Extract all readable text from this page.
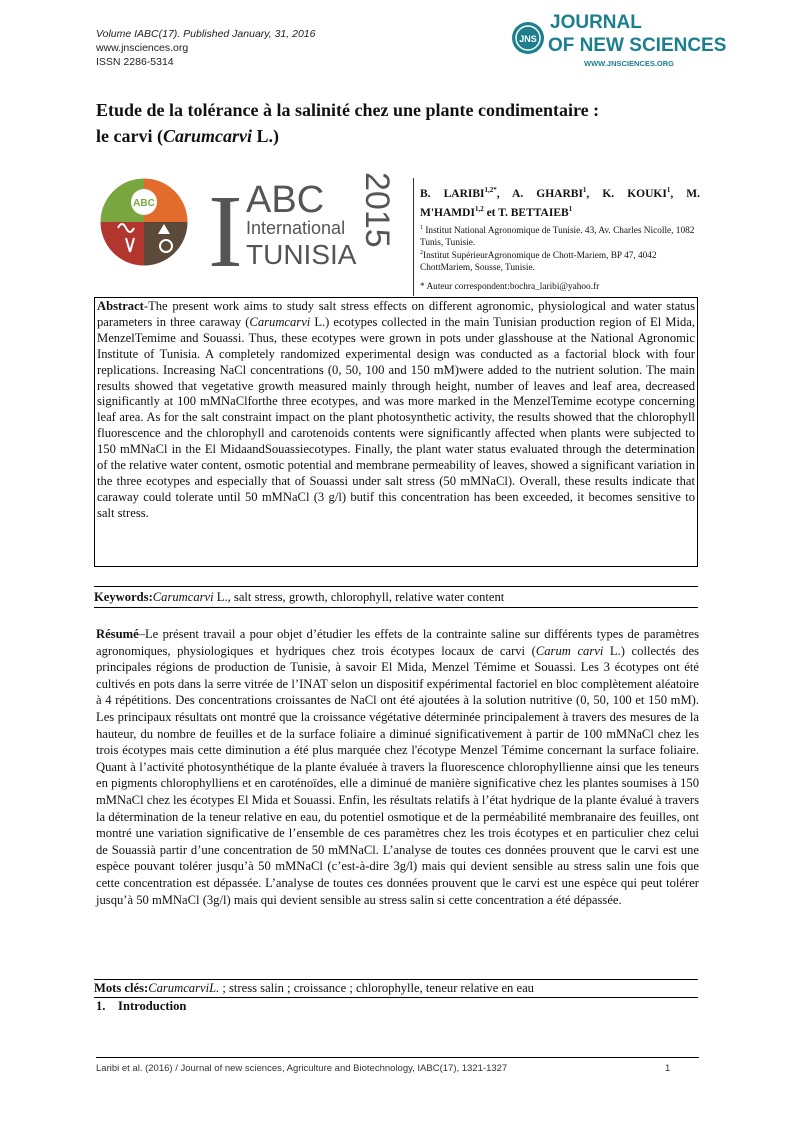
Volume IABC(17). Published January, 31, 2016
www.jnsciences.org
ISSN 2286-5314
JNS
JOURNAL
OF NEW SCIENCES
WWW.JNSCIENCES.ORG
Etude de la tolérance à la salinité chez une plante condimentaire :
le carvi (Carumcarvi L.)
ABC I ABC
International
TUNISIA
2015 B. $LARIBI^{1,2*}$, A. GHARBI$^1$, K. KOUKI$^1$, M. M'HAMDI$^{1,2}$ et T. BETTAIEB$^1$
$^1$ Institut National Agronomique de Tunisie. 43, Av. Charles Nicolle, 1082 Tunis, Tunisie.
$^2$Institut SupérieurAgronomique de Chott-Mariem, BP 47, 4042 ChottMariem, Sousse, Tunisie.
* Auteur correspondent:bochra_laribi@yahoo.fr

Abstract-The present work aims to study salt stress effects on different agronomic, physiological and water status parameters in three caraway (Carumcarvi L.) ecotypes collected in the main Tunisian production region of El Mida, MenzelTemime and Souassi. Thus, these ecotypes were grown in pots under glasshouse at the National Agronomic Institute of Tunisia. A completely randomized experimental design was conducted as a factorial block with four replications. Increasing NaCl concentrations (0, 50, 100 and 150 mM)were added to the nutrient solution. The main results showed that vegetative growth measured mainly through height, number of leaves and leaf area, decreased significantly at 100 mMNaClforthe three ecotypes, and was more marked in the MenzelTemime ecotype concerning leaf area. As for the salt constraint impact on the plant photosynthetic activity, the results showed that the chlorophyll fluorescence and the chlorophyll and carotenoids contents were significantly affected when plants were subjected to 150 mMNaCl in the El MidaandSouassiecotypes. Finally, the plant water status evaluated through the determination of the relative water content, osmotic potential and membrane permeability of leaves, showed a significant variation in the three ecotypes and especially that of Souassi under salt stress (50 mMNaCl). Overall, these results indicate that caraway could tolerate until 50 mMNaCl (3 g/l) butif this concentration has been exceeded, it becomes sensitive to salt stress.

Keywords:Carumcarvi L., salt stress, growth, chlorophyll, relative water content

Résumé–Le présent travail a pour objet d’étudier les effets de la contrainte saline sur différents types de paramètres agronomiques, physiologiques et hydriques chez trois écotypes locaux de carvi (Carum carvi L.) collectés des principales régions de production de Tunisie, à savoir El Mida, Menzel Témime et Souassi. Les 3 écotypes ont été cultivés en pots dans la serre vitrée de l’INAT selon un dispositif expérimental factoriel en bloc complètement aléatoire à 4 répétitions. Des concentrations croissantes de NaCl ont été ajoutées à la solution nutritive (0, 50, 100 et 150 mM). Les principaux résultats ont montré que la croissance végétative déterminée principalement à travers des mesures de la hauteur, du nombre de feuilles et de la surface foliaire a diminué significativement à partir de 100 mMNaCl chez les trois écotypes mais cette diminution a été plus marquée chez l'écotype Menzel Témime concernant la surface foliaire. Quant à l’activité photosynthétique de la plante évaluée à travers la fluorescence chlorophyllienne ainsi que les teneurs en pigments chlorophylliens et en caroténoïdes, elle a diminué de manière significative chez les plantes soumises à 150 mMNaCl chez les écotypes El Mida et Souassi. Enfin, les résultats relatifs à l’état hydrique de la plante évalué à travers la détermination de la teneur relative en eau, du potentiel osmotique et de la perméabilité membranaire des feuilles, ont montré une variation significative de l’ensemble de ces paramètres chez les trois écotypes et en particulier chez celui de Souassià partir d’une concentration de 50 mMNaCl. L’analyse de toutes ces données prouvent que le carvi est une espèce pouvant tolérer jusqu’à 50 mMNaCl (c’est-à-dire 3g/l) mais qui devient sensible au stress salin une fois que cette concentration est dépassée. L’analyse de toutes ces données prouvent que le carvi est une espèce qui peut tolérer jusqu’à 50 mMNaCl (3g/l) mais qui devient sensible au stress salin si cette concentration a été dépassée.

Mots clés:CarumcarviL. ; stress salin ; croissance ; chlorophylle, teneur relative en eau
1. Introduction
Laribi et al. (2016) / Journal of new sciences, Agriculture and Biotechnology, IABC(17), 1321-1327	1
